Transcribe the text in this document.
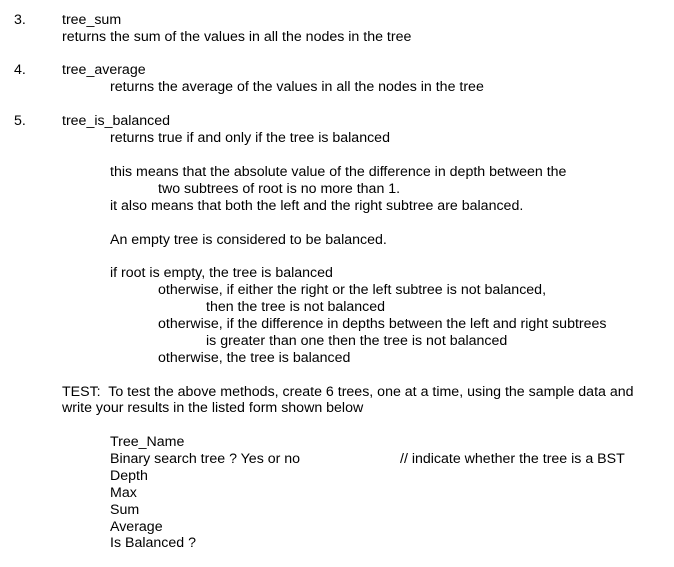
3.	tree_sum
returns the sum of the values in all the nodes in the tree
4.	tree_average
returns the average of the values in all the nodes in the tree
5.	tree_is_balanced
returns true if and only if the tree is balanced
this means that the absolute value of the difference in depth between the
two subtrees of root is no more than 1.
it also means that both the left and the right subtree are balanced.
An empty tree is considered to be balanced.
if root is empty, the tree is balanced
otherwise, if either the right or the left subtree is not balanced,
then the tree is not balanced
otherwise, if the difference in depths between the left and right subtrees
is greater than one then the tree is not balanced
otherwise, the tree is balanced
TEST:  To test the above methods, create 6 trees, one at a time, using the sample data and
write your results in the listed form shown below
Tree_Name
Binary search tree ? Yes or no	// indicate whether the tree is a BST
Depth
Max
Sum
Average
Is Balanced ?
